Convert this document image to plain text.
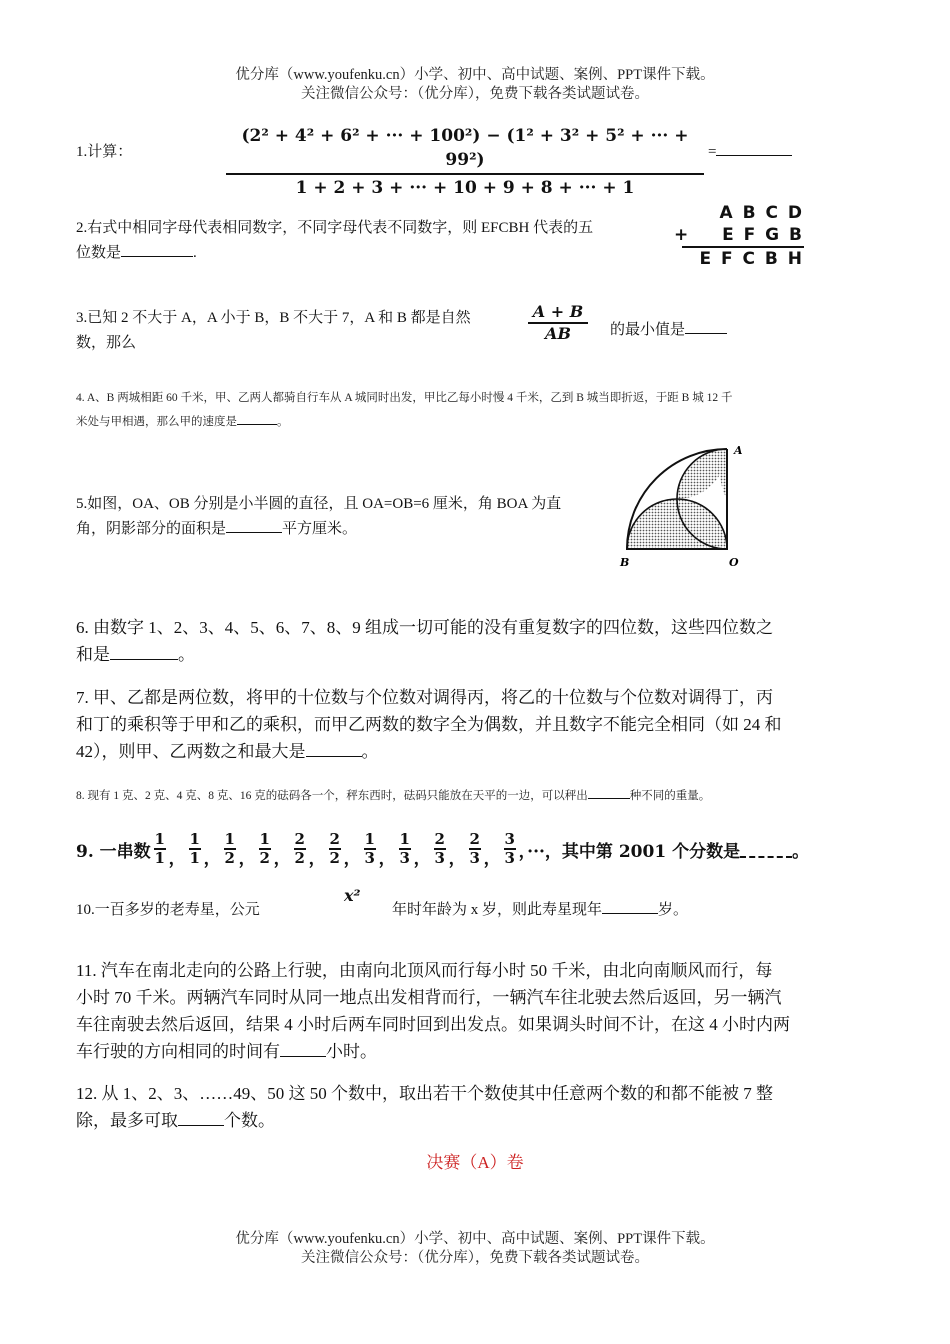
优分库（www.youfenku.cn）小学、初中、高中试题、案例、PPT课件下载。
关注微信公众号：（优分库），免费下载各类试题试卷。
1.计算：
(2² + 4² + 6² + ··· + 100²) − (1² + 3² + 5² + ··· + 99²)
1 + 2 + 3 + ··· + 10 + 9 + 8 + ··· + 1
=
2.右式中相同字母代表相同数字，不同字母代表不同数字，则 EFCBH 代表的五
位数是	.
A B C D
+ E F G B
E F C B H
3.已知 2 不大于 A，A 小于 B，B 不大于 7，A 和 B 都是自然
数，那么
A + B
AB	的最小值是
4. A、B 两城相距 60 千米，甲、乙两人都骑自行车从 A 城同时出发，甲比乙每小时慢 4 千米，乙到 B 城当即折返，于距 B 城 12 千
米处与甲相遇，那么甲的速度是	。
5.如图，OA、OB 分别是小半圆的直径，且 OA=OB=6 厘米，角 BOA 为直
角，阴影部分的面积是	平方厘米。
A
B	O
6. 由数字 1、2、3、4、5、6、7、8、9 组成一切可能的没有重复数字的四位数，这些四位数之
和是	。
7. 甲、乙都是两位数，将甲的十位数与个位数对调得丙，将乙的十位数与个位数对调得丁，丙
和丁的乘积等于甲和乙的乘积，而甲乙两数的数字全为偶数，并且数字不能完全相同（如 24 和
42），则甲、乙两数之和最大是	。
8. 现有 1 克、2 克、4 克、8 克、16 克的砝码各一个，秤东西时，砝码只能放在天平的一边，可以秤出	种不同的重量。
9. 一串数
1
1 ，
1
1 ，
1
2 ，
1
2 ，
2
2 ，
2
2 ，
1
3 ，
1
3 ，
2
3 ，
2
3 ，
3
3 ，···，其中第 2001 个分数是	。
10.一百多岁的老寿星，公元
x²
年时年龄为 x 岁，则此寿星现年	岁。
11. 汽车在南北走向的公路上行驶，由南向北顶风而行每小时 50 千米，由北向南顺风而行，每
小时 70 千米。两辆汽车同时从同一地点出发相背而行，一辆汽车往北驶去然后返回，另一辆汽
车往南驶去然后返回，结果 4 小时后两车同时回到出发点。如果调头时间不计，在这 4 小时内两
车行驶的方向相同的时间有	小时。
12. 从 1、2、3、……49、50 这 50 个数中，取出若干个数使其中任意两个数的和都不能被 7 整
除，最多可取	个数。
决赛（A）卷
优分库（www.youfenku.cn）小学、初中、高中试题、案例、PPT课件下载。
关注微信公众号：（优分库），免费下载各类试题试卷。
